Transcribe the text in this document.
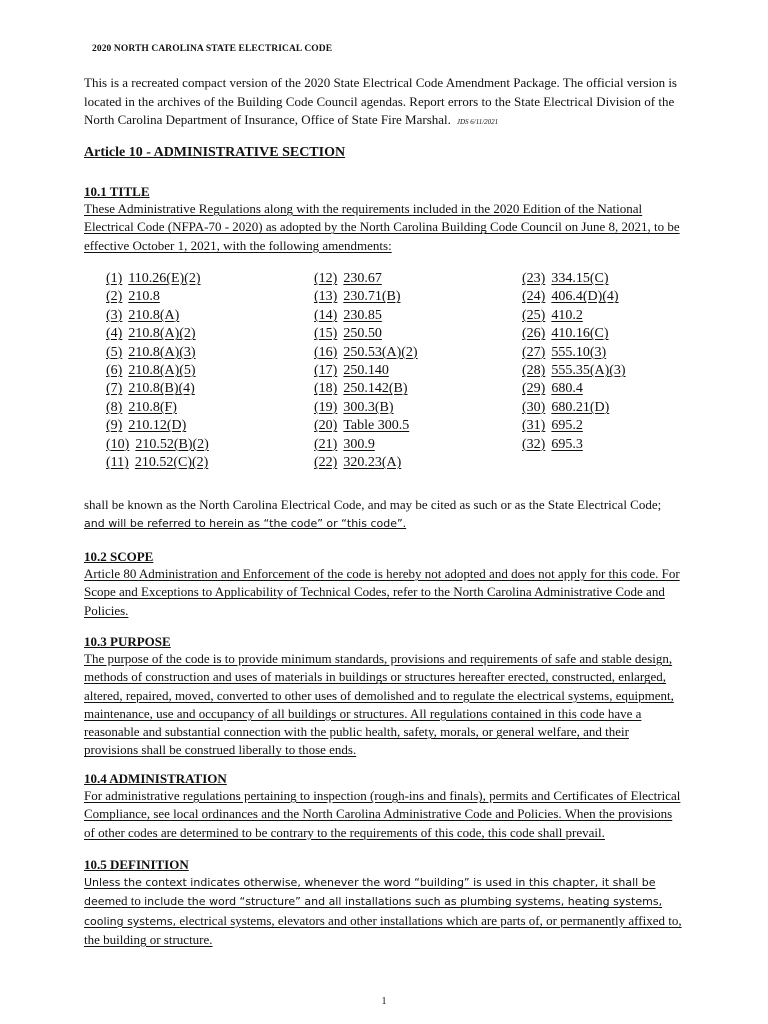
2020 NORTH CAROLINA STATE ELECTRICAL CODE
This is a recreated compact version of the 2020 State Electrical Code Amendment Package. The official version is located in the archives of the Building Code Council agendas. Report errors to the State Electrical Division of the North Carolina Department of Insurance, Office of State Fire Marshal. JDS 6/11/2021
Article 10 - ADMINISTRATIVE SECTION
10.1 TITLE
These Administrative Regulations along with the requirements included in the 2020 Edition of the National Electrical Code (NFPA-70 - 2020) as adopted by the North Carolina Building Code Council on June 8, 2021, to be effective October 1, 2021, with the following amendments:
(1) 110.26(E)(2)
(2) 210.8
(3) 210.8(A)
(4) 210.8(A)(2)
(5) 210.8(A)(3)
(6) 210.8(A)(5)
(7) 210.8(B)(4)
(8) 210.8(F)
(9) 210.12(D)
(10) 210.52(B)(2)
(11) 210.52(C)(2)
(12) 230.67
(13) 230.71(B)
(14) 230.85
(15) 250.50
(16) 250.53(A)(2)
(17) 250.140
(18) 250.142(B)
(19) 300.3(B)
(20) Table 300.5
(21) 300.9
(22) 320.23(A)
(23) 334.15(C)
(24) 406.4(D)(4)
(25) 410.2
(26) 410.16(C)
(27) 555.10(3)
(28) 555.35(A)(3)
(29) 680.4
(30) 680.21(D)
(31) 695.2
(32) 695.3
shall be known as the North Carolina Electrical Code, and may be cited as such or as the State Electrical Code;
and will be referred to herein as “the code” or “this code”.
10.2 SCOPE
Article 80 Administration and Enforcement of the code is hereby not adopted and does not apply for this code. For Scope and Exceptions to Applicability of Technical Codes, refer to the North Carolina Administrative Code and Policies.
10.3 PURPOSE
The purpose of the code is to provide minimum standards, provisions and requirements of safe and stable design, methods of construction and uses of materials in buildings or structures hereafter erected, constructed, enlarged, altered, repaired, moved, converted to other uses of demolished and to regulate the electrical systems, equipment, maintenance, use and occupancy of all buildings or structures. All regulations contained in this code have a reasonable and substantial connection with the public health, safety, morals, or general welfare, and their provisions shall be construed liberally to those ends.
10.4 ADMINISTRATION
For administrative regulations pertaining to inspection (rough-ins and finals), permits and Certificates of Electrical Compliance, see local ordinances and the North Carolina Administrative Code and Policies. When the provisions of other codes are determined to be contrary to the requirements of this code, this code shall prevail.
10.5 DEFINITION
Unless the context indicates otherwise, whenever the word “building” is used in this chapter, it shall be deemed to include the word “structure” and all installations such as plumbing systems, heating systems, cooling systems, electrical systems, elevators and other installations which are parts of, or permanently affixed to, the building or structure.
1
